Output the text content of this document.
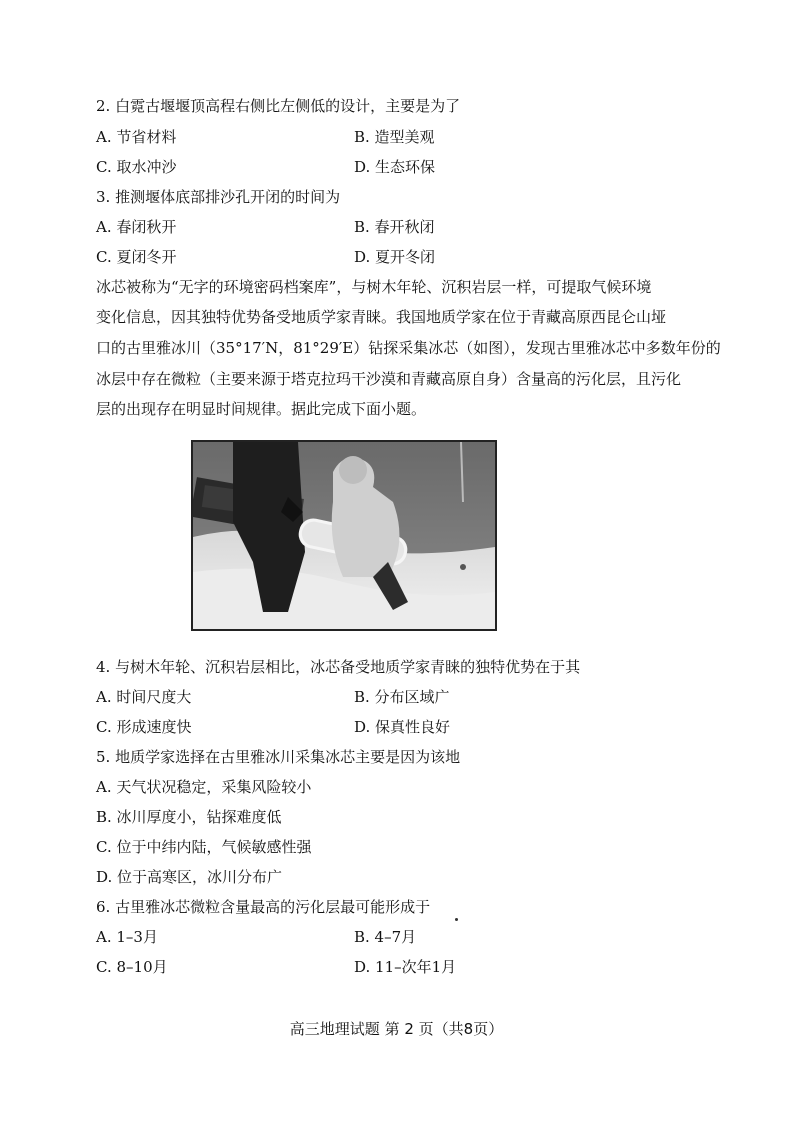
2. 白霓古堰堰顶高程右侧比左侧低的设计，主要是为了
A. 节省材料	B. 造型美观
C. 取水冲沙	D. 生态环保
3. 推测堰体底部排沙孔开闭的时间为
A. 春闭秋开	B. 春开秋闭
C. 夏闭冬开	D. 夏开冬闭
冰芯被称为“无字的环境密码档案库”，与树木年轮、沉积岩层一样，可提取气候环境
变化信息，因其独特优势备受地质学家青睐。我国地质学家在位于青藏高原西昆仑山垭
口的古里雅冰川（35°17′N，81°29′E）钻探采集冰芯（如图），发现古里雅冰芯中多数年份的
冰层中存在微粒（主要来源于塔克拉玛干沙漠和青藏高原自身）含量高的污化层，且污化
层的出现存在明显时间规律。据此完成下面小题。
4. 与树木年轮、沉积岩层相比，冰芯备受地质学家青睐的独特优势在于其
A. 时间尺度大	B. 分布区域广
C. 形成速度快	D. 保真性良好
5. 地质学家选择在古里雅冰川采集冰芯主要是因为该地
A. 天气状况稳定，采集风险较小
B. 冰川厚度小，钻探难度低
C. 位于中纬内陆，气候敏感性强
D. 位于高寒区，冰川分布广
6. 古里雅冰芯微粒含量最高的污化层最可能形成于
A. 1–3月	B. 4–7月
C. 8–10月	D. 11–次年1月
高三地理试题 第 2 页（共8页）
